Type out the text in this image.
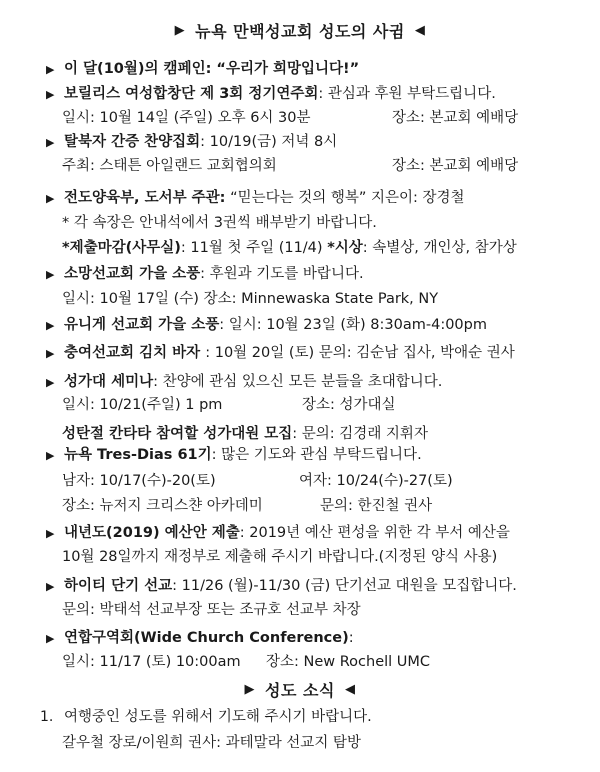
▶ 뉴욕 만백성교회 성도의 사귐 ◀
▶ 이 달(10월)의 캠페인: “우리가 희망입니다!”
▶ 보릴리스 여성합창단 제 3회 정기연주회: 관심과 후원 부탁드립니다.
일시: 10월 14일 (주일) 오후 6시 30분	장소: 본교회 예배당
▶ 탈북자 간증 찬양집회: 10/19(금) 저녁 8시
주최: 스태튼 아일랜드 교회협의회	장소: 본교회 예배당
▶ 전도양육부, 도서부 주관: “믿는다는 것의 행복” 지은이: 장경철
* 각 속장은 안내석에서 3권씩 배부받기 바랍니다.
*제출마감(사무실): 11월 첫 주일 (11/4) *시상: 속별상, 개인상, 참가상
▶ 소망선교회 가을 소풍: 후원과 기도를 바랍니다.
일시: 10월 17일 (수) 장소: Minnewaska State Park, NY
▶ 유니게 선교회 가을 소풍: 일시: 10월 23일 (화) 8:30am-4:00pm
▶ 충여선교회 김치 바자 : 10월 20일 (토) 문의: 김순남 집사, 박애순 권사
▶ 성가대 세미나: 찬양에 관심 있으신 모든 분들을 초대합니다.
일시: 10/21(주일) 1 pm	장소: 성가대실
성탄절 칸타타 참여할 성가대원 모집: 문의: 김경래 지휘자
▶ 뉴욕 Tres-Dias 61기: 많은 기도와 관심 부탁드립니다.
남자: 10/17(수)-20(토)	여자: 10/24(수)-27(토)
장소: 뉴저지 크리스챤 아카데미	문의: 한진철 권사
▶ 내년도(2019) 예산안 제출: 2019년 예산 편성을 위한 각 부서 예산을
10월 28일까지 재정부로 제출해 주시기 바랍니다.(지정된 양식 사용)
▶ 하이티 단기 선교: 11/26 (월)-11/30 (금) 단기선교 대원을 모집합니다.
문의: 박태석 선교부장 또는 조규호 선교부 차장
▶ 연합구역회(Wide Church Conference):
일시: 11/17 (토) 10:00am 장소: New Rochell UMC
▶ 성도 소식 ◀
1. 여행중인 성도를 위해서 기도해 주시기 바랍니다.
갈우철 장로/이원희 권사: 과테말라 선교지 탐방
